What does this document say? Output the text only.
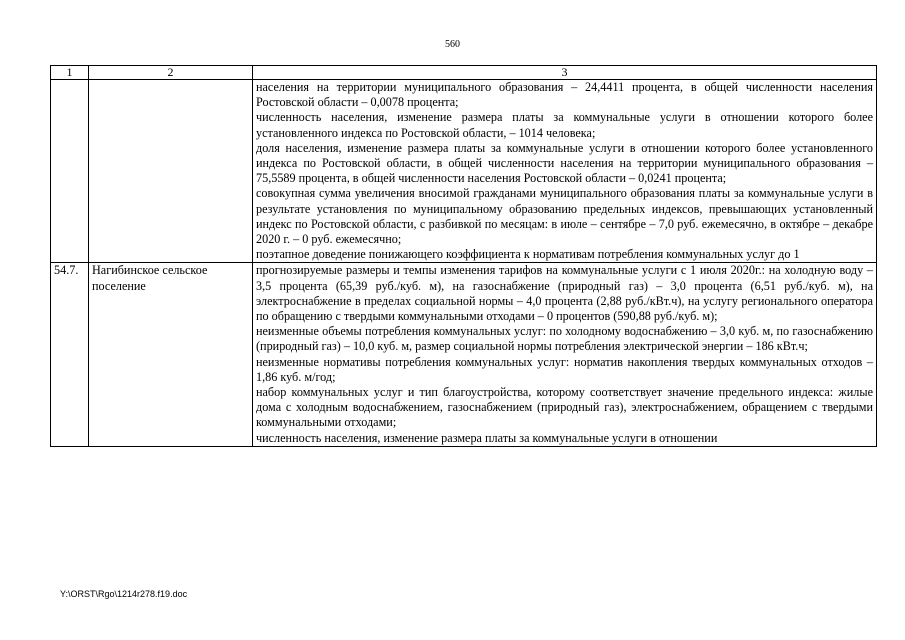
560
1	2	3

		населения на территории муниципального образования – 24,4411 процента, в общей численности населения Ростовской области – 0,0078 процента;
численность населения, изменение размера платы за коммунальные услуги в отношении которого более установленного индекса по Ростовской области, – 1014 человека;
доля населения, изменение размера платы за коммунальные услуги в отношении которого более установленного индекса по Ростовской области, в общей численности населения на территории муниципального образования – 75,5589 процента, в общей численности населения Ростовской области – 0,0241 процента;
совокупная сумма увеличения вносимой гражданами муниципального образования платы за коммунальные услуги в результате установления по муниципальному образованию предельных индексов, превышающих установленный индекс по Ростовской области, с разбивкой по месяцам: в июле – сентябре – 7,0 руб. ежемесячно, в октябре – декабре 2020 г. – 0 руб. ежемесячно;
поэтапное доведение понижающего коэффициента к нормативам потребления коммунальных услуг до 1

54.7.	Нагибинское сельское поселение	прогнозируемые размеры и темпы изменения тарифов на коммунальные услуги с 1 июля 2020г.: на холодную воду – 3,5 процента (65,39 руб./куб. м), на газоснабжение (природный газ) – 3,0 процента (6,51 руб./куб. м), на электроснабжение в пределах социальной нормы – 4,0 процента (2,88 руб./кВт.ч), на услугу регионального оператора по обращению с твердыми коммунальными отходами – 0 процентов (590,88 руб./куб. м);
неизменные объемы потребления коммунальных услуг: по холодному водоснабжению – 3,0 куб. м, по газоснабжению (природный газ) – 10,0 куб. м, размер социальной нормы потребления электрической энергии – 186 кВт.ч;
неизменные нормативы потребления коммунальных услуг: норматив накопления твердых коммунальных отходов – 1,86 куб. м/год;
набор коммунальных услуг и тип благоустройства, которому соответствует значение предельного индекса: жилые дома с холодным водоснабжением, газоснабжением (природный газ), электроснабжением, обращением с твердыми коммунальными отходами;
численность населения, изменение размера платы за коммунальные услуги в отношении
Y:\ORST\Rgo\1214r278.f19.doc
